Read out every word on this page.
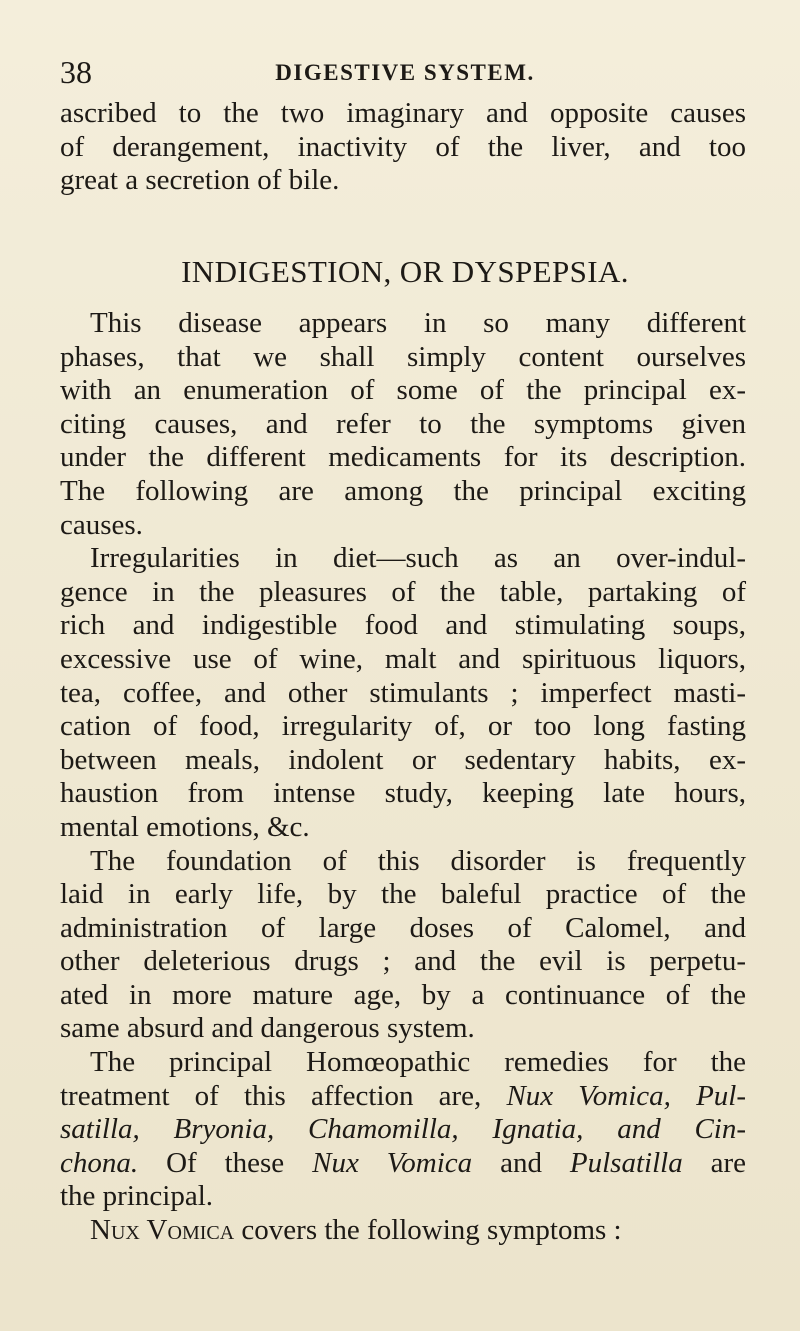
38	DIGESTIVE SYSTEM.
ascribed to the two imaginary and opposite causes
of derangement, inactivity of the liver, and too
great a secretion of bile.
INDIGESTION, OR DYSPEPSIA.
This disease appears in so many different
phases, that we shall simply content ourselves
with an enumeration of some of the principal ex-
citing causes, and refer to the symptoms given
under the different medicaments for its description.
The following are among the principal exciting
causes.
Irregularities in diet—such as an over-indul-
gence in the pleasures of the table, partaking of
rich and indigestible food and stimulating soups,
excessive use of wine, malt and spirituous liquors,
tea, coffee, and other stimulants ; imperfect masti-
cation of food, irregularity of, or too long fasting
between meals, indolent or sedentary habits, ex-
haustion from intense study, keeping late hours,
mental emotions, &c.
The foundation of this disorder is frequently
laid in early life, by the baleful practice of the
administration of large doses of Calomel, and
other deleterious drugs ; and the evil is perpetu-
ated in more mature age, by a continuance of the
same absurd and dangerous system.
The principal Homœopathic remedies for the
treatment of this affection are, Nux Vomica, Pul-
satilla, Bryonia, Chamomilla, Ignatia, and Cin-
chona. Of these Nux Vomica and Pulsatilla are
the principal.
Nux Vomica covers the following symptoms :
